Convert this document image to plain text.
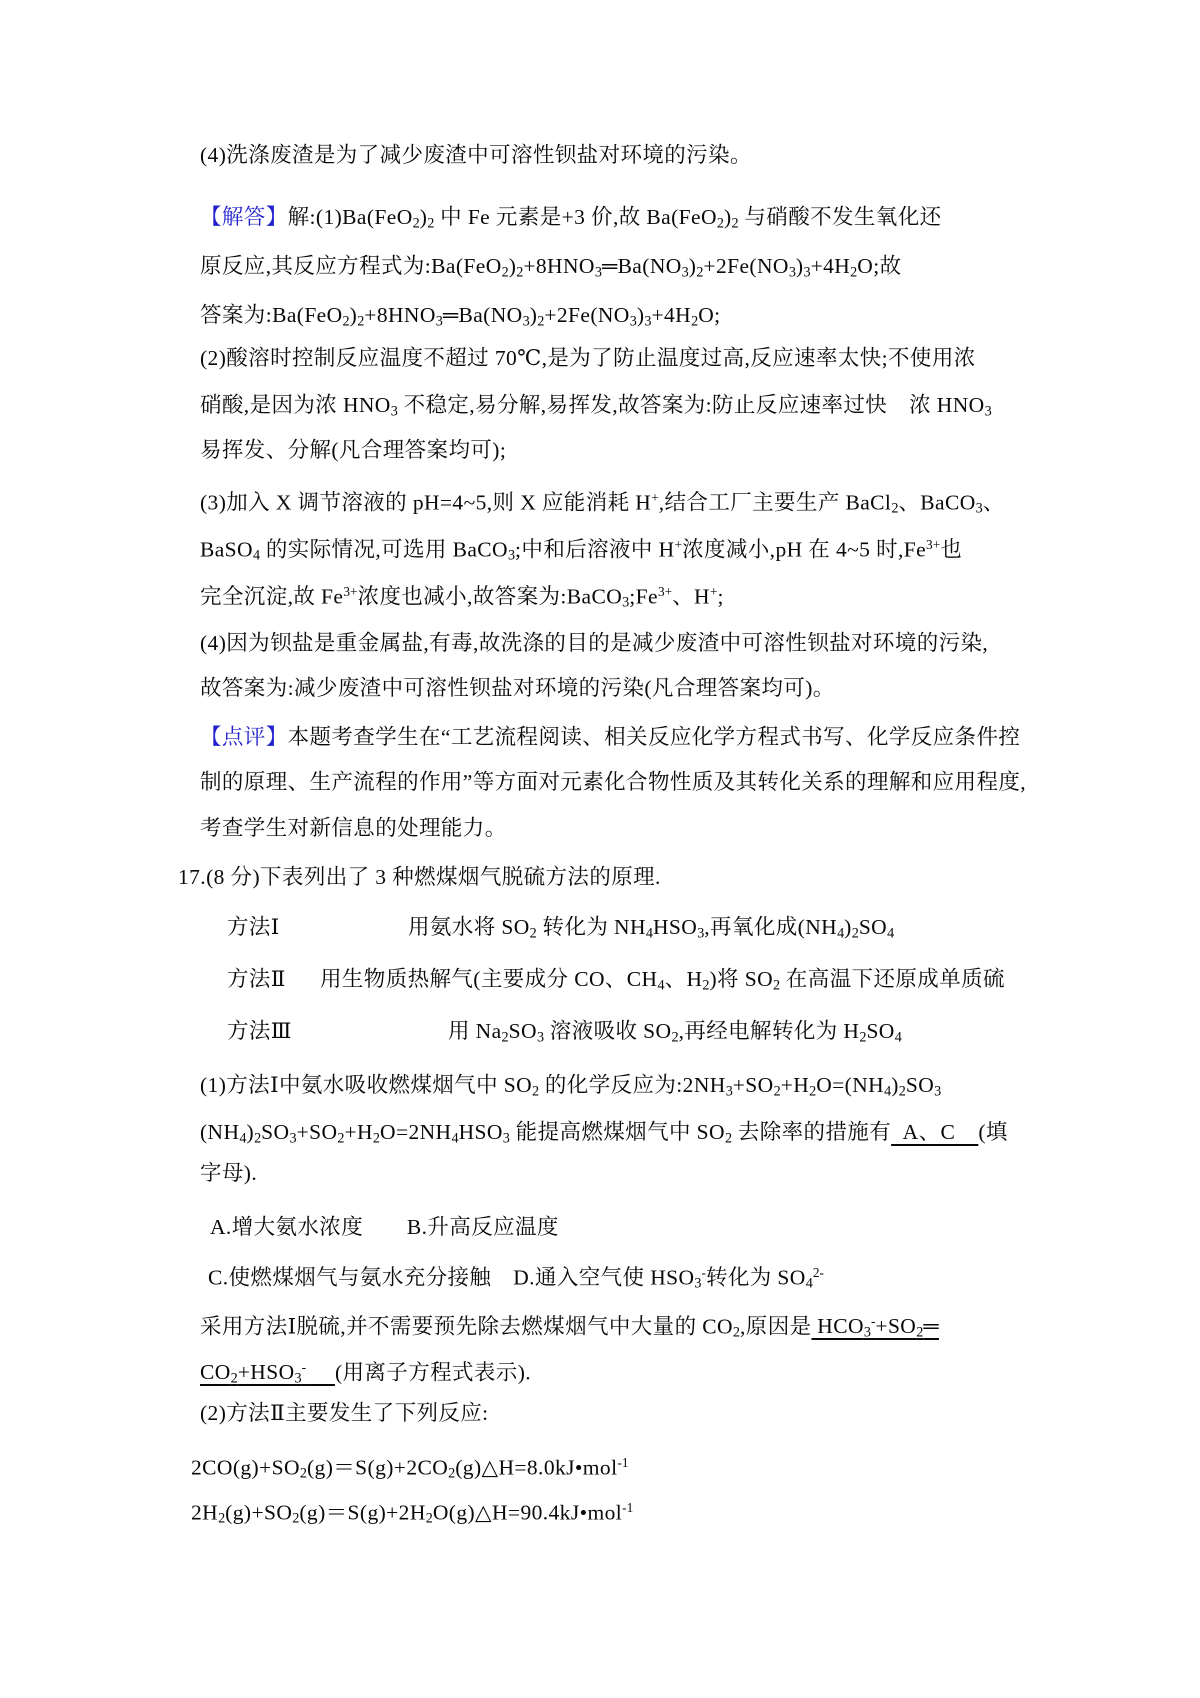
(4)洗涤废渣是为了减少废渣中可溶性钡盐对环境的污染。
【解答】解$:(1)Ba(FeO_2)_2$ 中 Fe 元素是+3 价,故 $Ba(FeO_2)_2$ 与硝酸不发生氧化还
原反应,其反应方程式为$:Ba(FeO_2)_2+8HNO_3═Ba(NO_3)_2+2Fe(NO_3)_3+4H_2O$;故
答案为$:Ba(FeO_2)_2+8HNO_3═Ba(NO_3)_2+2Fe(NO_3)_3+4H_2O$;
(2)酸溶时控制反应温度不超过 70℃,是为了防止温度过高,反应速率太快;不使用浓
硝酸,是因为浓 $HNO_3$ 不稳定,易分解,易挥发,故答案为:防止反应速率过快　浓 $HNO_3$
易挥发、分解(凡合理答案均可);
(3)加入 X 调节溶液的 pH=4~5,则 X 应能消耗 H+,结合工厂主要生产 BaCl$_2$、BaCO$_3$、
BaSO$_4$ 的实际情况,可选用 BaCO$_3$;中和后溶液中 H+浓度减小,pH 在 4~5 时$,Fe^{3+}$也
完全沉淀,故 $Fe^{3+}$浓度也减小,故答案为$:BaCO_3;Fe^{3+}$、H+;
(4)因为钡盐是重金属盐,有毒,故洗涤的目的是减少废渣中可溶性钡盐对环境的污染,
故答案为:减少废渣中可溶性钡盐对环境的污染(凡合理答案均可)。
【点评】本题考查学生在“工艺流程阅读、相关反应化学方程式书写、化学反应条件控
制的原理、生产流程的作用”等方面对元素化合物性质及其转化关系的理解和应用程度,
考查学生对新信息的处理能力。
17.(8 分)下表列出了 3 种燃煤烟气脱硫方法的原理.
方法Ⅰ	用氨水将 $SO_2$ 转化为 $NH_4HSO_3$,再氧化成$(NH_4)_2SO_4$
方法Ⅱ 用生物质热解气(主要成分 CO、$CH_4$、$H_2$)将 $SO_2$ 在高温下还原成单质硫
方法Ⅲ	用 $Na_2SO_3$ 溶液吸收 $SO_2$,再经电解转化为 $H_2SO_4$
(1)方法Ⅰ中氨水吸收燃煤烟气中 $SO_2$ 的化学反应为$:2NH_3+SO_2+H_2O=(NH_4)_2SO_3$
$(NH_4)_2SO_3+SO_2+H_2O=2NH_4HSO_3$ 能提高燃煤烟气中 $SO_2$ 去除率的措施有  A、C    (填
字母).
A.增大氨水浓度　　B.升高反应温度
C.使燃煤烟气与氨水充分接触　D.通入空气使 $HSO_3^-$转化为 $SO_4^{2-}$
采用方法Ⅰ脱硫,并不需要预先除去燃煤烟气中大量的 $CO_2$,原因是 $HCO_3^-+SO_2═$
$CO_2+HSO_3^-$ (用离子方程式表示).
(2)方法Ⅱ主要发生了下列反应:
$2CO(g)+SO_2(g)=S(g)+2CO_2(g)\triangle H=8.0kJ•mol^{-1}$
$2H_2(g)+SO_2(g)=S(g)+2H_2O(g)\triangle H=90.4kJ•mol^{-1}$
